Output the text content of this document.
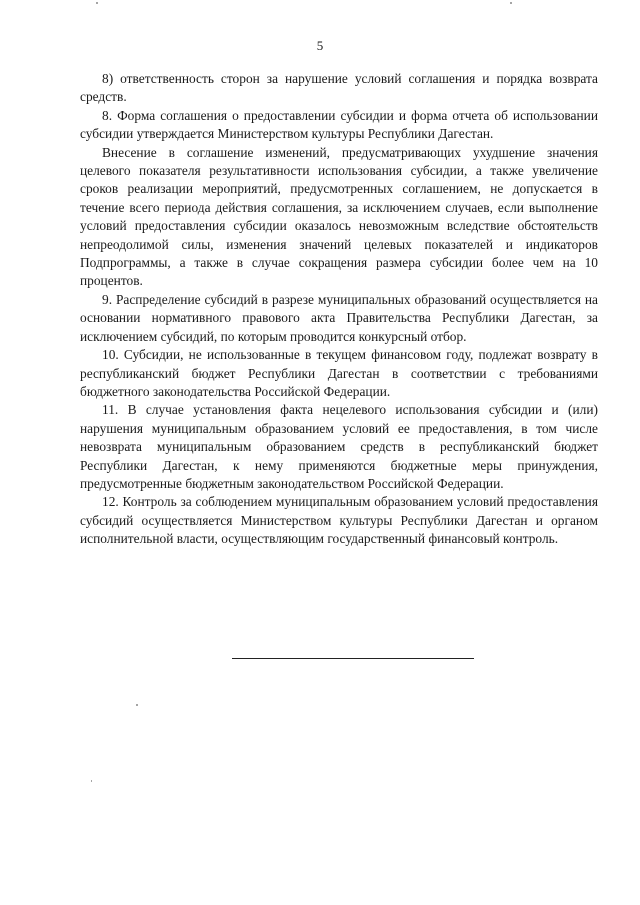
5

8) ответственность сторон за нарушение условий соглашения и порядка возврата средств.

8. Форма соглашения о предоставлении субсидии и форма отчета об использовании субсидии утверждается Министерством культуры Республики Дагестан.

Внесение в соглашение изменений, предусматривающих ухудшение значения целевого показателя результативности использования субсидии, а также увеличение сроков реализации мероприятий, предусмотренных соглашением, не допускается в течение всего периода действия соглашения, за исключением случаев, если выполнение условий предоставления субсидии оказалось невозможным вследствие обстоятельств непреодолимой силы, изменения значений целевых показателей и индикаторов Подпрограммы, а также в случае сокращения размера субсидии более чем на 10 процентов.

9. Распределение субсидий в разрезе муниципальных образований осуществляется на основании нормативного правового акта Правительства Республики Дагестан, за исключением субсидий, по которым проводится конкурсный отбор.

10. Субсидии, не использованные в текущем финансовом году, подлежат возврату в республиканский бюджет Республики Дагестан в соответствии с требованиями бюджетного законодательства Российской Федерации.

11. В случае установления факта нецелевого использования субсидии и (или) нарушения муниципальным образованием условий ее предоставления, в том числе невозврата муниципальным образованием средств в республиканский бюджет Республики Дагестан, к нему применяются бюджетные меры принуждения, предусмотренные бюджетным законодательством Российской Федерации.

12. Контроль за соблюдением муниципальным образованием условий предоставления субсидий осуществляется Министерством культуры Республики Дагестан и органом исполнительной власти, осуществляющим государственный финансовый контроль.
